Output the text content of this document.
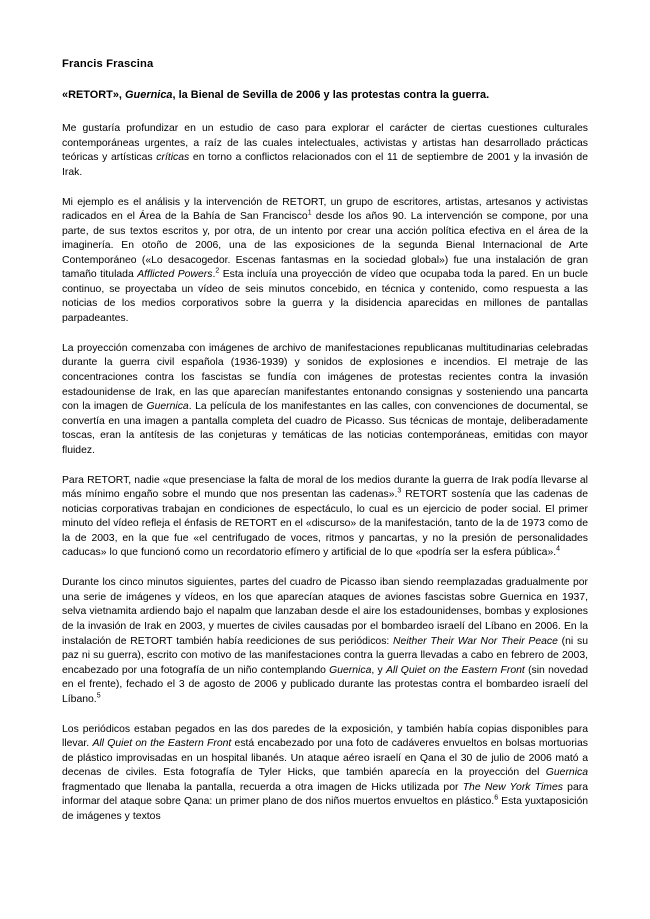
Francis Frascina
«RETORT», Guernica, la Bienal de Sevilla de 2006 y las protestas contra la guerra.

Me gustaría profundizar en un estudio de caso para explorar el carácter de ciertas cuestiones culturales contemporáneas urgentes, a raíz de las cuales intelectuales, activistas y artistas han desarrollado prácticas teóricas y artísticas críticas en torno a conflictos relacionados con el 11 de septiembre de 2001 y la invasión de Irak.

Mi ejemplo es el análisis y la intervención de RETORT, un grupo de escritores, artistas, artesanos y activistas radicados en el Área de la Bahía de San Francisco$^1$ desde los años 90. La intervención se compone, por una parte, de sus textos escritos y, por otra, de un intento por crear una acción política efectiva en el área de la imaginería. En otoño de 2006, una de las exposiciones de la segunda Bienal Internacional de Arte Contemporáneo («Lo desacogedor. Escenas fantasmas en la sociedad global») fue una instalación de gran tamaño titulada Afflicted Powers.$^2$ Esta incluía una proyección de vídeo que ocupaba toda la pared. En un bucle continuo, se proyectaba un vídeo de seis minutos concebido, en técnica y contenido, como respuesta a las noticias de los medios corporativos sobre la guerra y la disidencia aparecidas en millones de pantallas parpadeantes.

La proyección comenzaba con imágenes de archivo de manifestaciones republicanas multitudinarias celebradas durante la guerra civil española (1936-1939) y sonidos de explosiones e incendios. El metraje de las concentraciones contra los fascistas se fundía con imágenes de protestas recientes contra la invasión estadounidense de Irak, en las que aparecían manifestantes entonando consignas y sosteniendo una pancarta con la imagen de Guernica. La película de los manifestantes en las calles, con convenciones de documental, se convertía en una imagen a pantalla completa del cuadro de Picasso. Sus técnicas de montaje, deliberadamente toscas, eran la antítesis de las conjeturas y temáticas de las noticias contemporáneas, emitidas con mayor fluidez.

Para RETORT, nadie «que presenciase la falta de moral de los medios durante la guerra de Irak podía llevarse al más mínimo engaño sobre el mundo que nos presentan las cadenas».$^3$ RETORT sostenía que las cadenas de noticias corporativas trabajan en condiciones de espectáculo, lo cual es un ejercicio de poder social. El primer minuto del vídeo refleja el énfasis de RETORT en el «discurso» de la manifestación, tanto de la de 1973 como de la de 2003, en la que fue «el centrifugado de voces, ritmos y pancartas, y no la presión de personalidades caducas» lo que funcionó como un recordatorio efímero y artificial de lo que «podría ser la esfera pública».$^4$

Durante los cinco minutos siguientes, partes del cuadro de Picasso iban siendo reemplazadas gradualmente por una serie de imágenes y vídeos, en los que aparecían ataques de aviones fascistas sobre Guernica en 1937, selva vietnamita ardiendo bajo el napalm que lanzaban desde el aire los estadounidenses, bombas y explosiones de la invasión de Irak en 2003, y muertes de civiles causadas por el bombardeo israelí del Líbano en 2006. En la instalación de RETORT también había reediciones de sus periódicos: Neither Their War Nor Their Peace (ni su paz ni su guerra), escrito con motivo de las manifestaciones contra la guerra llevadas a cabo en febrero de 2003, encabezado por una fotografía de un niño contemplando Guernica, y All Quiet on the Eastern Front (sin novedad en el frente), fechado el 3 de agosto de 2006 y publicado durante las protestas contra el bombardeo israelí del Líbano.$^5$

Los periódicos estaban pegados en las dos paredes de la exposición, y también había copias disponibles para llevar. All Quiet on the Eastern Front está encabezado por una foto de cadáveres envueltos en bolsas mortuorias de plástico improvisadas en un hospital libanés. Un ataque aéreo israelí en Qana el 30 de julio de 2006 mató a decenas de civiles. Esta fotografía de Tyler Hicks, que también aparecía en la proyección del Guernica fragmentado que llenaba la pantalla, recuerda a otra imagen de Hicks utilizada por The New York Times para informar del ataque sobre Qana: un primer plano de dos niños muertos envueltos en plástico.$^6$ Esta yuxtaposición de imágenes y textos
